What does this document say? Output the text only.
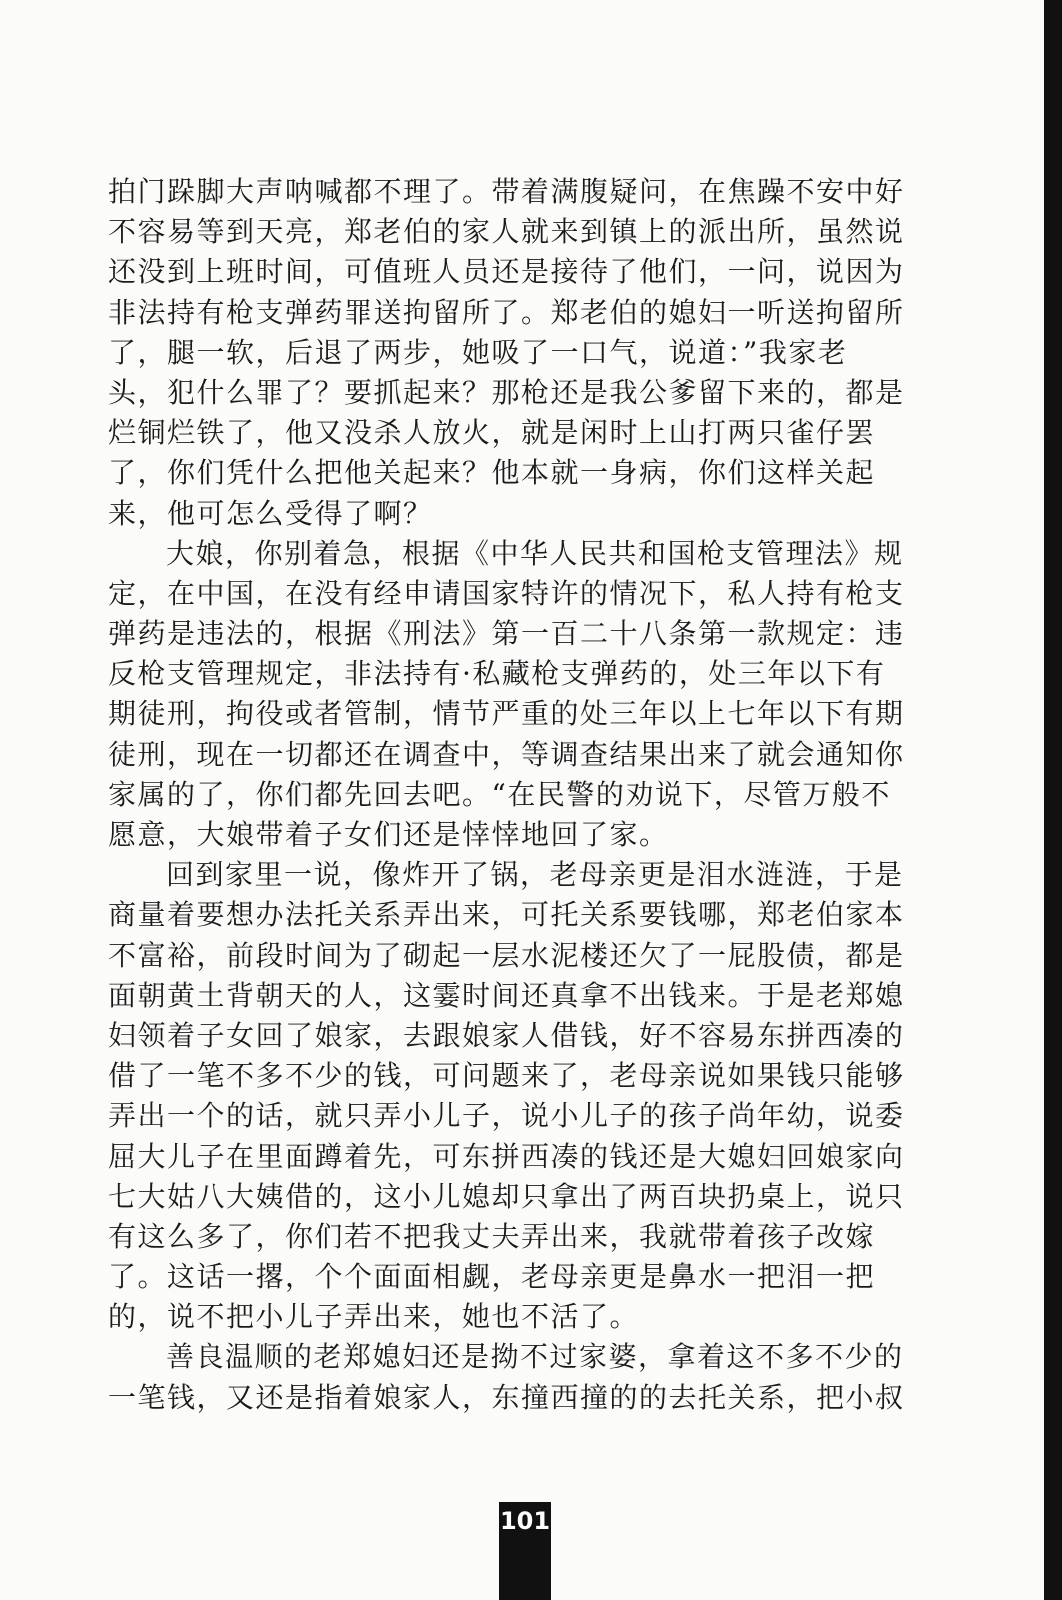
拍门跺脚大声呐喊都不理了。带着满腹疑问，在焦躁不安中好
不容易等到天亮，郑老伯的家人就来到镇上的派出所，虽然说
还没到上班时间，可值班人员还是接待了他们，一问，说因为
非法持有枪支弹药罪送拘留所了。郑老伯的媳妇一听送拘留所
了，腿一软，后退了两步，她吸了一口气，说道：”我家老
头，犯什么罪了？要抓起来？那枪还是我公爹留下来的，都是
烂铜烂铁了，他又没杀人放火，就是闲时上山打两只雀仔罢
了，你们凭什么把他关起来？他本就一身病，你们这样关起
来，他可怎么受得了啊？
大娘，你别着急，根据《中华人民共和国枪支管理法》规
定，在中国，在没有经申请国家特许的情况下，私人持有枪支
弹药是违法的，根据《刑法》第一百二十八条第一款规定：违
反枪支管理规定，非法持有·私藏枪支弹药的，处三年以下有
期徒刑，拘役或者管制，情节严重的处三年以上七年以下有期
徒刑，现在一切都还在调查中，等调查结果出来了就会通知你
家属的了，你们都先回去吧。“在民警的劝说下，尽管万般不
愿意，大娘带着子女们还是悻悻地回了家。
回到家里一说，像炸开了锅，老母亲更是泪水涟涟，于是
商量着要想办法托关系弄出来，可托关系要钱哪，郑老伯家本
不富裕，前段时间为了砌起一层水泥楼还欠了一屁股债，都是
面朝黄土背朝天的人，这霎时间还真拿不出钱来。于是老郑媳
妇领着子女回了娘家，去跟娘家人借钱，好不容易东拼西凑的
借了一笔不多不少的钱，可问题来了，老母亲说如果钱只能够
弄出一个的话，就只弄小儿子，说小儿子的孩子尚年幼，说委
屈大儿子在里面蹲着先，可东拼西凑的钱还是大媳妇回娘家向
七大姑八大姨借的，这小儿媳却只拿出了两百块扔桌上，说只
有这么多了，你们若不把我丈夫弄出来，我就带着孩子改嫁
了。这话一撂，个个面面相觑，老母亲更是鼻水一把泪一把
的，说不把小儿子弄出来，她也不活了。
善良温顺的老郑媳妇还是拗不过家婆，拿着这不多不少的
一笔钱，又还是指着娘家人，东撞西撞的的去托关系，把小叔
101
